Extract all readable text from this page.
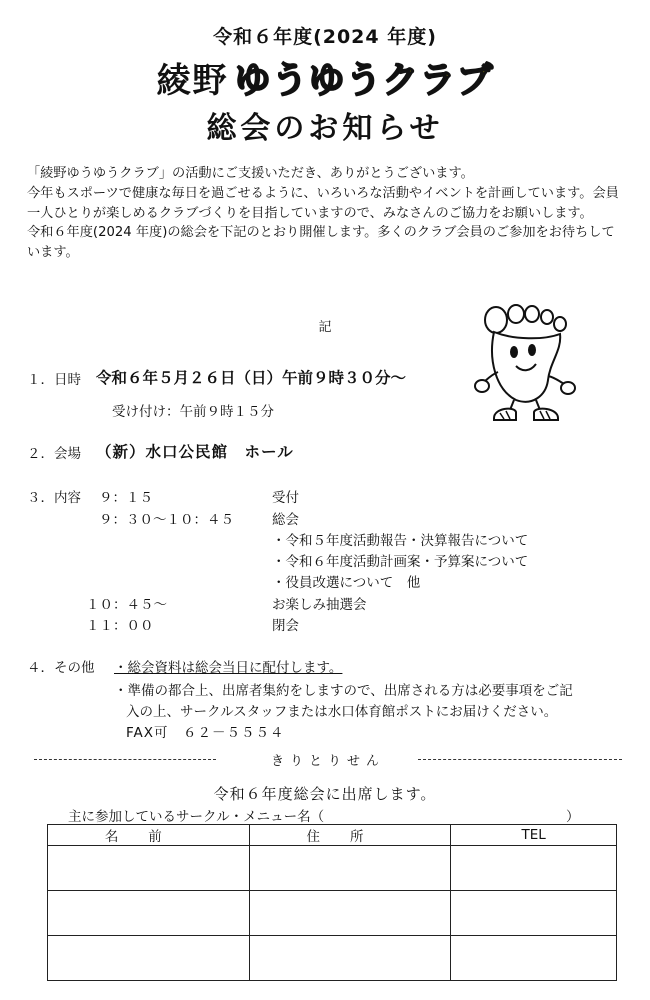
令和６年度(2024 年度)
綾野 ゆうゆうクラブ
総会のお知らせ

「綾野ゆうゆうクラブ」の活動にご支援いただき、ありがとうございます。

今年もスポーツで健康な毎日を過ごせるように、いろいろな活動やイベントを計画しています。会員一人ひとりが楽しめるクラブづくりを目指していますので、みなさんのご協力をお願いします。

令和６年度(2024 年度)の総会を下記のとおり開催します。多くのクラブ会員のご参加をお待ちしています。

記
１．日時 令和６年５月２６日（日）午前９時３０分～
受け付け：午前９時１５分
２．会場 （新）水口公民館　ホール
３．内容 ９：１５	受付
９：３０～１０：４５	総会
・令和５年度活動報告・決算報告について
・令和６年度活動計画案・予算案について
・役員改選について　他
１０：４５～	お楽しみ抽選会
１１：００	閉会
４．その他 ・総会資料は総会当日に配付します。
・準備の都合上、出席者集約をしますので、出席される方は必要事項をご記
入の上、サークルスタッフまたは水口体育館ポストにお届けください。
FAX可　６２－５５５４
きりとりせん
令和６年度総会に出席します。
主に参加しているサークル・メニュー名（	）
名前	住所	TEL
